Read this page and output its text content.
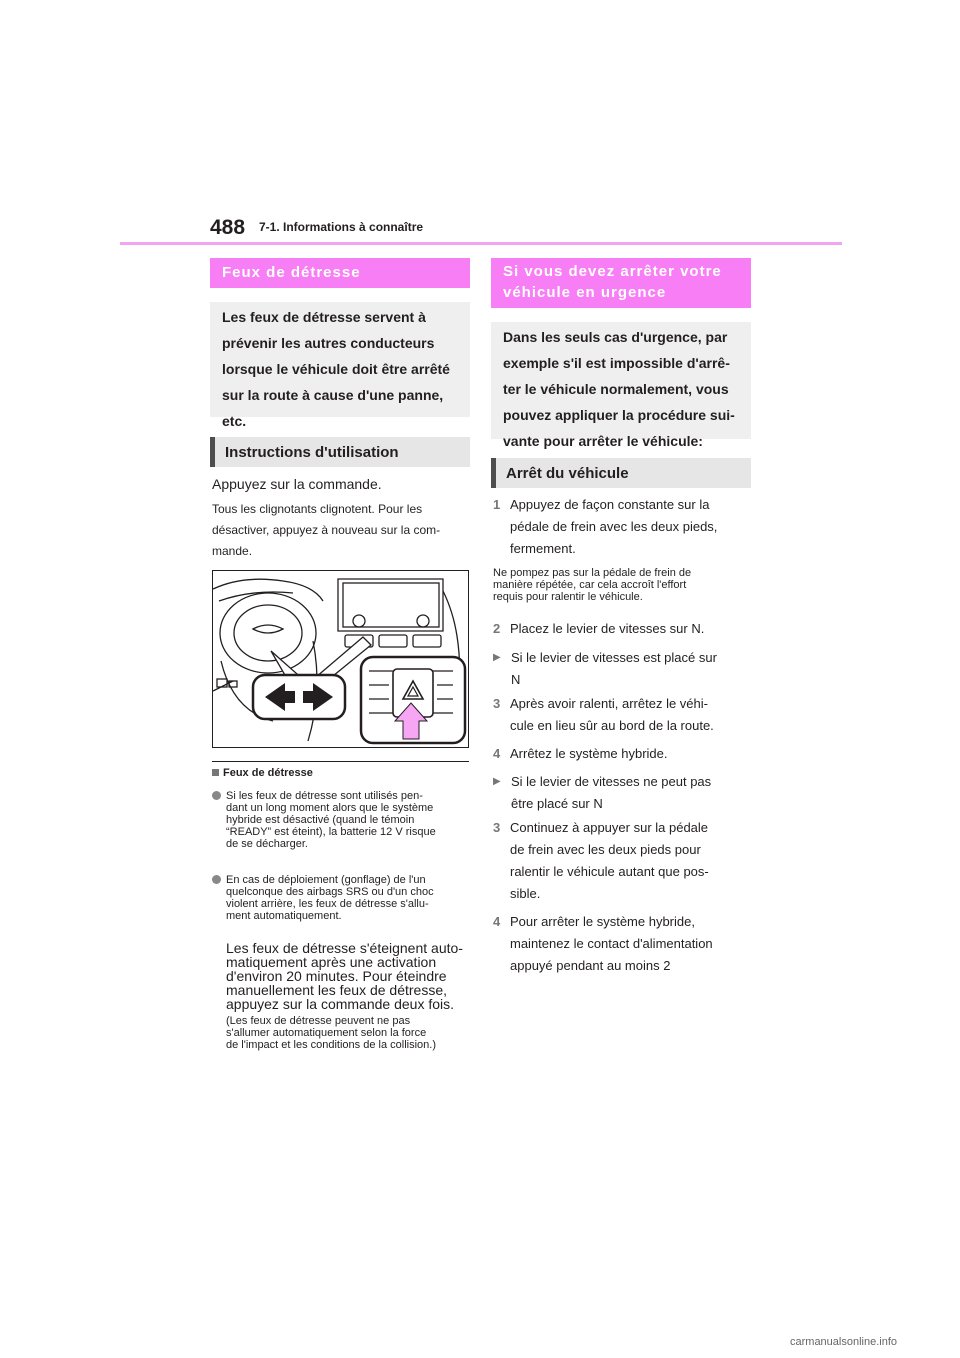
488 7-1. Informations à connaître
Feux de détresse
Les feux de détresse servent à
prévenir les autres conducteurs
lorsque le véhicule doit être arrêté
sur la route à cause d'une panne,
etc.
Instructions d'utilisation
Appuyez sur la commande.
Tous les clignotants clignotent. Pour les
désactiver, appuyez à nouveau sur la com-
mande.
Feux de détresse
Si les feux de détresse sont utilisés pen-
dant un long moment alors que le système
hybride est désactivé (quand le témoin
“READY” est éteint), la batterie 12 V risque
de se décharger.
En cas de déploiement (gonflage) de l'un
quelconque des airbags SRS ou d'un choc
violent arrière, les feux de détresse s'allu-
ment automatiquement.
Les feux de détresse s'éteignent auto-
matiquement après une activation
d'environ 20 minutes. Pour éteindre
manuellement les feux de détresse,
appuyez sur la commande deux fois.
(Les feux de détresse peuvent ne pas
s'allumer automatiquement selon la force
de l'impact et les conditions de la collision.)
Si vous devez arrêter votre
véhicule en urgence
Dans les seuls cas d'urgence, par
exemple s'il est impossible d'arrê-
ter le véhicule normalement, vous
pouvez appliquer la procédure sui-
vante pour arrêter le véhicule:
Arrêt du véhicule
1 Appuyez de façon constante sur la
pédale de frein avec les deux pieds,
fermement.
Ne pompez pas sur la pédale de frein de
manière répétée, car cela accroît l'effort
requis pour ralentir le véhicule.
2 Placez le levier de vitesses sur N.
▶ Si le levier de vitesses est placé sur
N
3 Après avoir ralenti, arrêtez le véhi-
cule en lieu sûr au bord de la route.
4 Arrêtez le système hybride.
▶ Si le levier de vitesses ne peut pas
être placé sur N
3 Continuez à appuyer sur la pédale
de frein avec les deux pieds pour
ralentir le véhicule autant que pos-
sible.
4 Pour arrêter le système hybride,
maintenez le contact d'alimentation
appuyé pendant au moins 2
carmanualsonline.info
